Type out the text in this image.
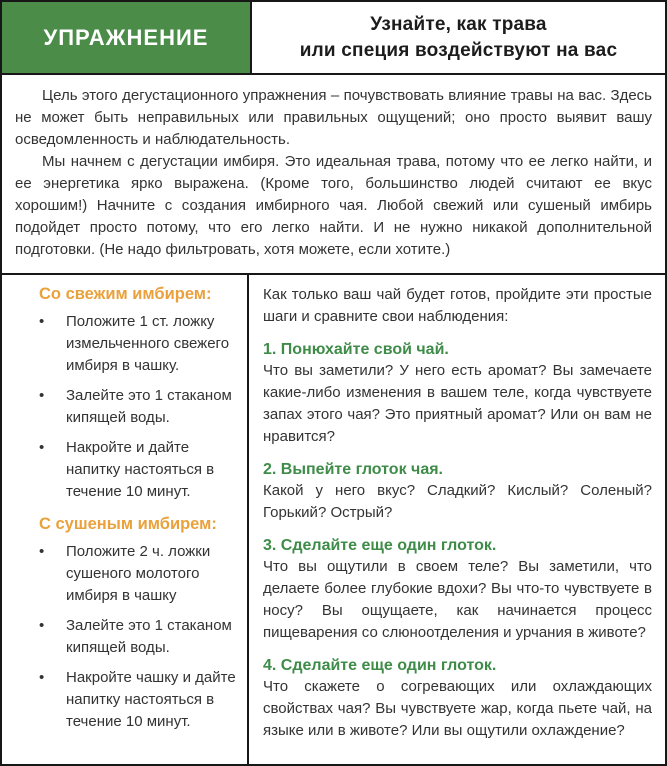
УПРАЖНЕНИЕ
Узнайте, как трава
или специя воздействуют на вас

Цель этого дегустационного упражнения – почувствовать влияние травы на вас. Здесь не может быть неправильных или правильных ощущений; оно просто выявит вашу осведомленность и наблюдательность.

Мы начнем с дегустации имбиря. Это идеальная трава, потому что ее легко найти, и ее энергетика ярко выражена. (Кроме того, большинство людей считают ее вкус хорошим!) Начните с создания имбирного чая. Любой свежий или сушеный имбирь подойдет просто потому, что его легко найти. И не нужно никакой дополнительной подготовки. (Не надо фильтровать, хотя можете, если хотите.)

Со свежим имбирем:
•	Положите 1 ст. ложку измельченного свежего имбиря в чашку.
•	Залейте это 1 стаканом кипящей воды.
•	Накройте и дайте напитку настояться в течение 10 минут.
С сушеным имбирем:
•	Положите 2 ч. ложки сушеного молотого имбиря в чашку
•	Залейте это 1 стаканом кипящей воды.
•	Накройте чашку и дайте напитку настояться в течение 10 минут.

Как только ваш чай будет готов, пройдите эти простые шаги и сравните свои наблюдения:

1. Понюхайте свой чай.

Что вы заметили? У него есть аромат? Вы замечаете какие-либо изменения в вашем теле, когда чувствуете запах этого чая? Это приятный аромат? Или он вам не нравится?

2. Выпейте глоток чая.

Какой у него вкус? Сладкий? Кислый? Соленый? Горький? Острый?

3. Сделайте еще один глоток.

Что вы ощутили в своем теле? Вы заметили, что делаете более глубокие вдохи? Вы что-то чувствуете в носу? Вы ощущаете, как начинается процесс пищеварения со слюноотделения и урчания в животе?

4. Сделайте еще один глоток.

Что скажете о согревающих или охлаждающих свойствах чая? Вы чувствуете жар, когда пьете чай, на языке или в животе? Или вы ощутили охлаждение?
